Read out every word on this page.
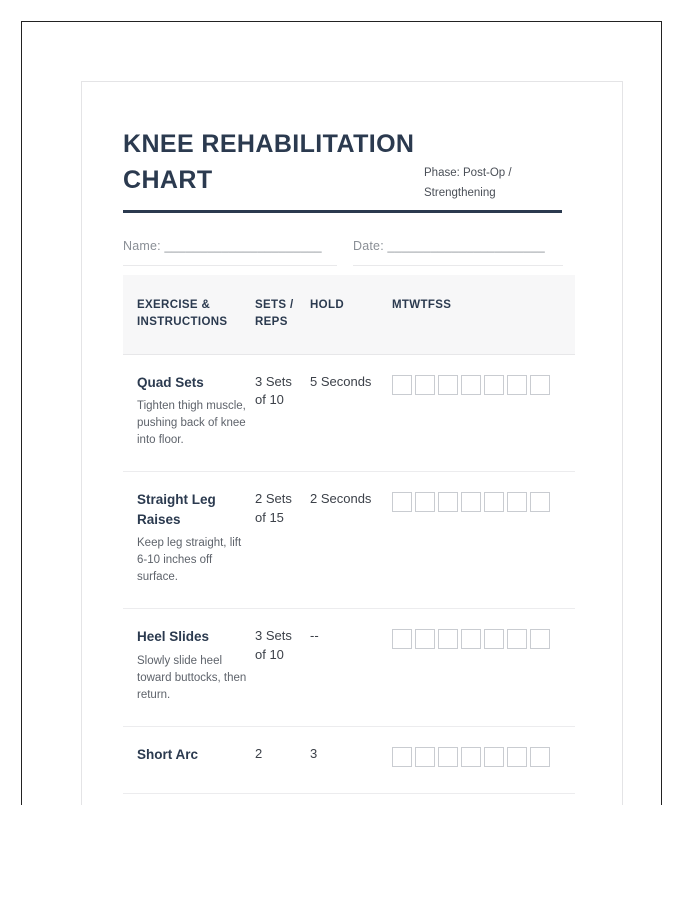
KNEE REHABILITATION CHART	Phase: Post-Op / Strengthening
Name: ______________________	Date: ______________________
EXERCISE & INSTRUCTIONS	SETS / REPS	HOLD	MTWTFSS

Quad Sets
Tighten thigh muscle, pushing back of knee into floor.	3 Sets of 10	5 Seconds	

Straight Leg Raises
Keep leg straight, lift 6-10 inches off surface.	2 Sets of 15	2 Seconds	

Heel Slides
Slowly slide heel toward buttocks, then return.	3 Sets of 10	--	

Short Arc	2	3	
